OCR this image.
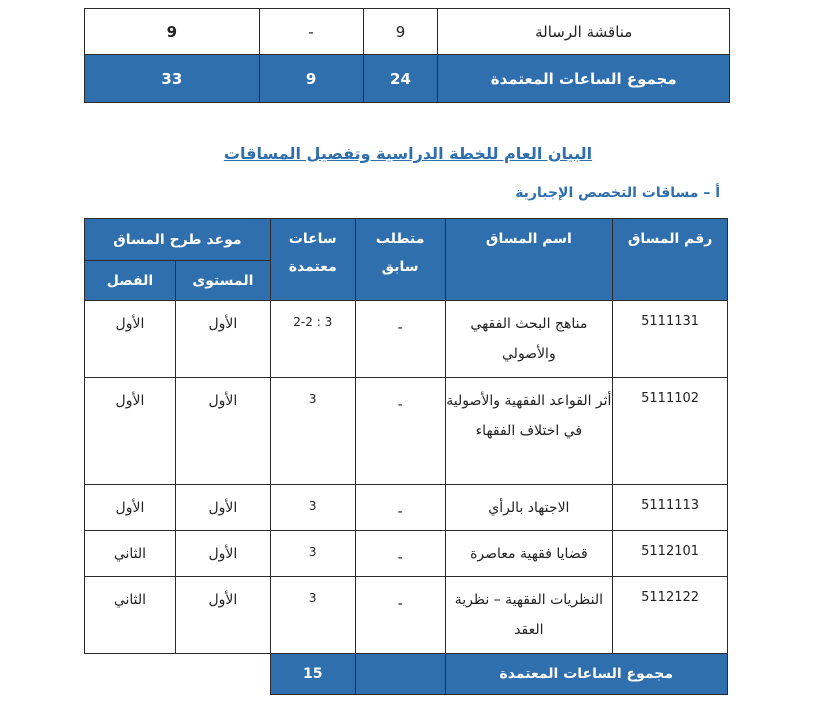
مناقشة الرسالة	9	-	9
مجموع الساعات المعتمدة	24	9	33
البيان العام للخطة الدراسية وتفصيل المساقات
أ – مساقات التخصص الإجبارية
رقم المساق	اسم المساق	متطلب سابق	ساعات معتمدة	موعد طرح المساق	
				المستوى	الفصل
5111131	مناهج البحث الفقهي والأصولي	-	3 : 2-2	الأول	الأول
5111102	أثر القواعد الفقهية والأصولية في اختلاف الفقهاء	-	3	الأول	الأول
5111113	الاجتهاد بالرأي	-	3	الأول	الأول
5112101	قضايا فقهية معاصرة	-	3	الأول	الثاني
5112122	النظريات الفقهية – نظرية العقد	-	3	الأول	الثاني
مجموع الساعات المعتمدة			15		
